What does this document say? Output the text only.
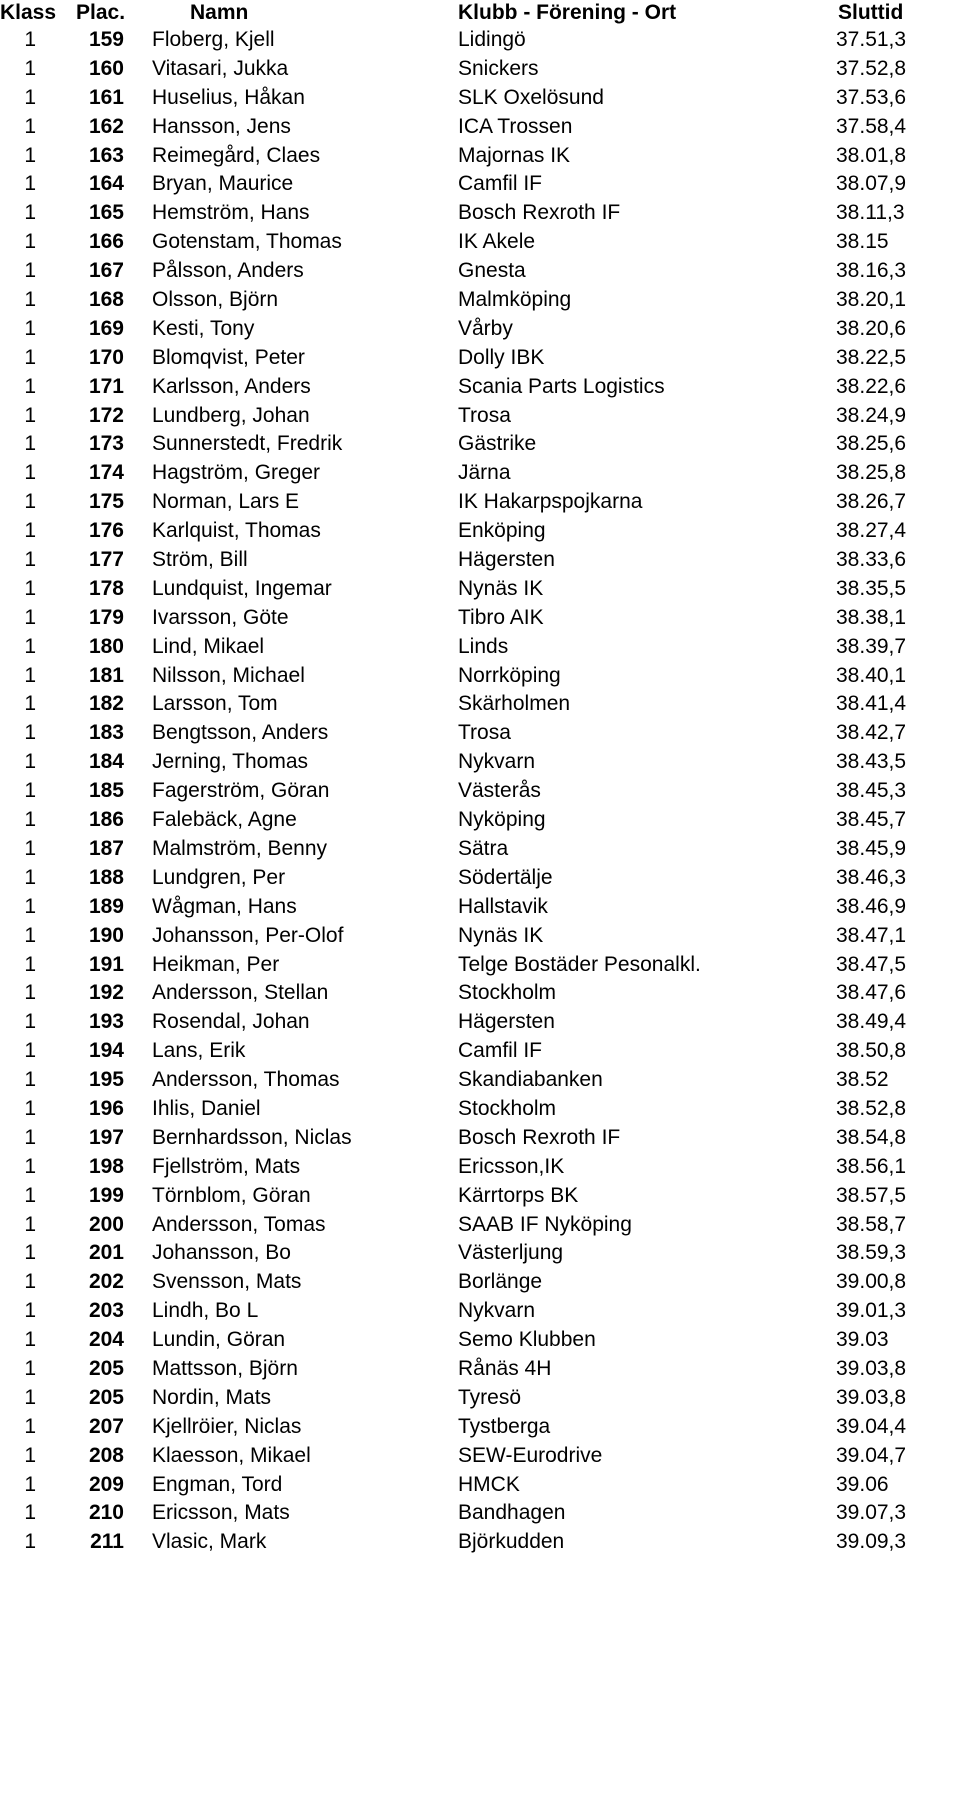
Klass Plac.	Namn	Klubb - Förening - Ort	Sluttid
1	159 Floberg, Kjell	Lidingö	37.51,3
1	160 Vitasari, Jukka	Snickers	37.52,8
1	161 Huselius, Håkan	SLK Oxelösund	37.53,6
1	162 Hansson, Jens	ICA Trossen	37.58,4
1	163 Reimegård, Claes	Majornas IK	38.01,8
1	164 Bryan, Maurice	Camfil IF	38.07,9
1	165 Hemström, Hans	Bosch Rexroth IF	38.11,3
1	166 Gotenstam, Thomas	IK Akele	38.15
1	167 Pålsson, Anders	Gnesta	38.16,3
1	168 Olsson, Björn	Malmköping	38.20,1
1	169 Kesti, Tony	Vårby	38.20,6
1	170 Blomqvist, Peter	Dolly IBK	38.22,5
1	171 Karlsson, Anders	Scania Parts Logistics	38.22,6
1	172 Lundberg, Johan	Trosa	38.24,9
1	173 Sunnerstedt, Fredrik	Gästrike	38.25,6
1	174 Hagström, Greger	Järna	38.25,8
1	175 Norman, Lars E	IK Hakarpspojkarna	38.26,7
1	176 Karlquist, Thomas	Enköping	38.27,4
1	177 Ström, Bill	Hägersten	38.33,6
1	178 Lundquist, Ingemar	Nynäs IK	38.35,5
1	179 Ivarsson, Göte	Tibro AIK	38.38,1
1	180 Lind, Mikael	Linds	38.39,7
1	181 Nilsson, Michael	Norrköping	38.40,1
1	182 Larsson, Tom	Skärholmen	38.41,4
1	183 Bengtsson, Anders	Trosa	38.42,7
1	184 Jerning, Thomas	Nykvarn	38.43,5
1	185 Fagerström, Göran	Västerås	38.45,3
1	186 Falebäck, Agne	Nyköping	38.45,7
1	187 Malmström, Benny	Sätra	38.45,9
1	188 Lundgren, Per	Södertälje	38.46,3
1	189 Wågman, Hans	Hallstavik	38.46,9
1	190 Johansson, Per-Olof	Nynäs IK	38.47,1
1	191 Heikman, Per	Telge Bostäder Pesonalkl.	38.47,5
1	192 Andersson, Stellan	Stockholm	38.47,6
1	193 Rosendal, Johan	Hägersten	38.49,4
1	194 Lans, Erik	Camfil IF	38.50,8
1	195 Andersson, Thomas	Skandiabanken	38.52
1	196 Ihlis, Daniel	Stockholm	38.52,8
1	197 Bernhardsson, Niclas	Bosch Rexroth IF	38.54,8
1	198 Fjellström, Mats	Ericsson,IK	38.56,1
1	199 Törnblom, Göran	Kärrtorps BK	38.57,5
1	200 Andersson, Tomas	SAAB IF Nyköping	38.58,7
1	201 Johansson, Bo	Västerljung	38.59,3
1	202 Svensson, Mats	Borlänge	39.00,8
1	203 Lindh, Bo L	Nykvarn	39.01,3
1	204 Lundin, Göran	Semo Klubben	39.03
1	205 Mattsson, Björn	Rånäs 4H	39.03,8
1	205 Nordin, Mats	Tyresö	39.03,8
1	207 Kjellröier, Niclas	Tystberga	39.04,4
1	208 Klaesson, Mikael	SEW-Eurodrive	39.04,7
1	209 Engman, Tord	HMCK	39.06
1	210 Ericsson, Mats	Bandhagen	39.07,3
1	211 Vlasic, Mark	Björkudden	39.09,3
